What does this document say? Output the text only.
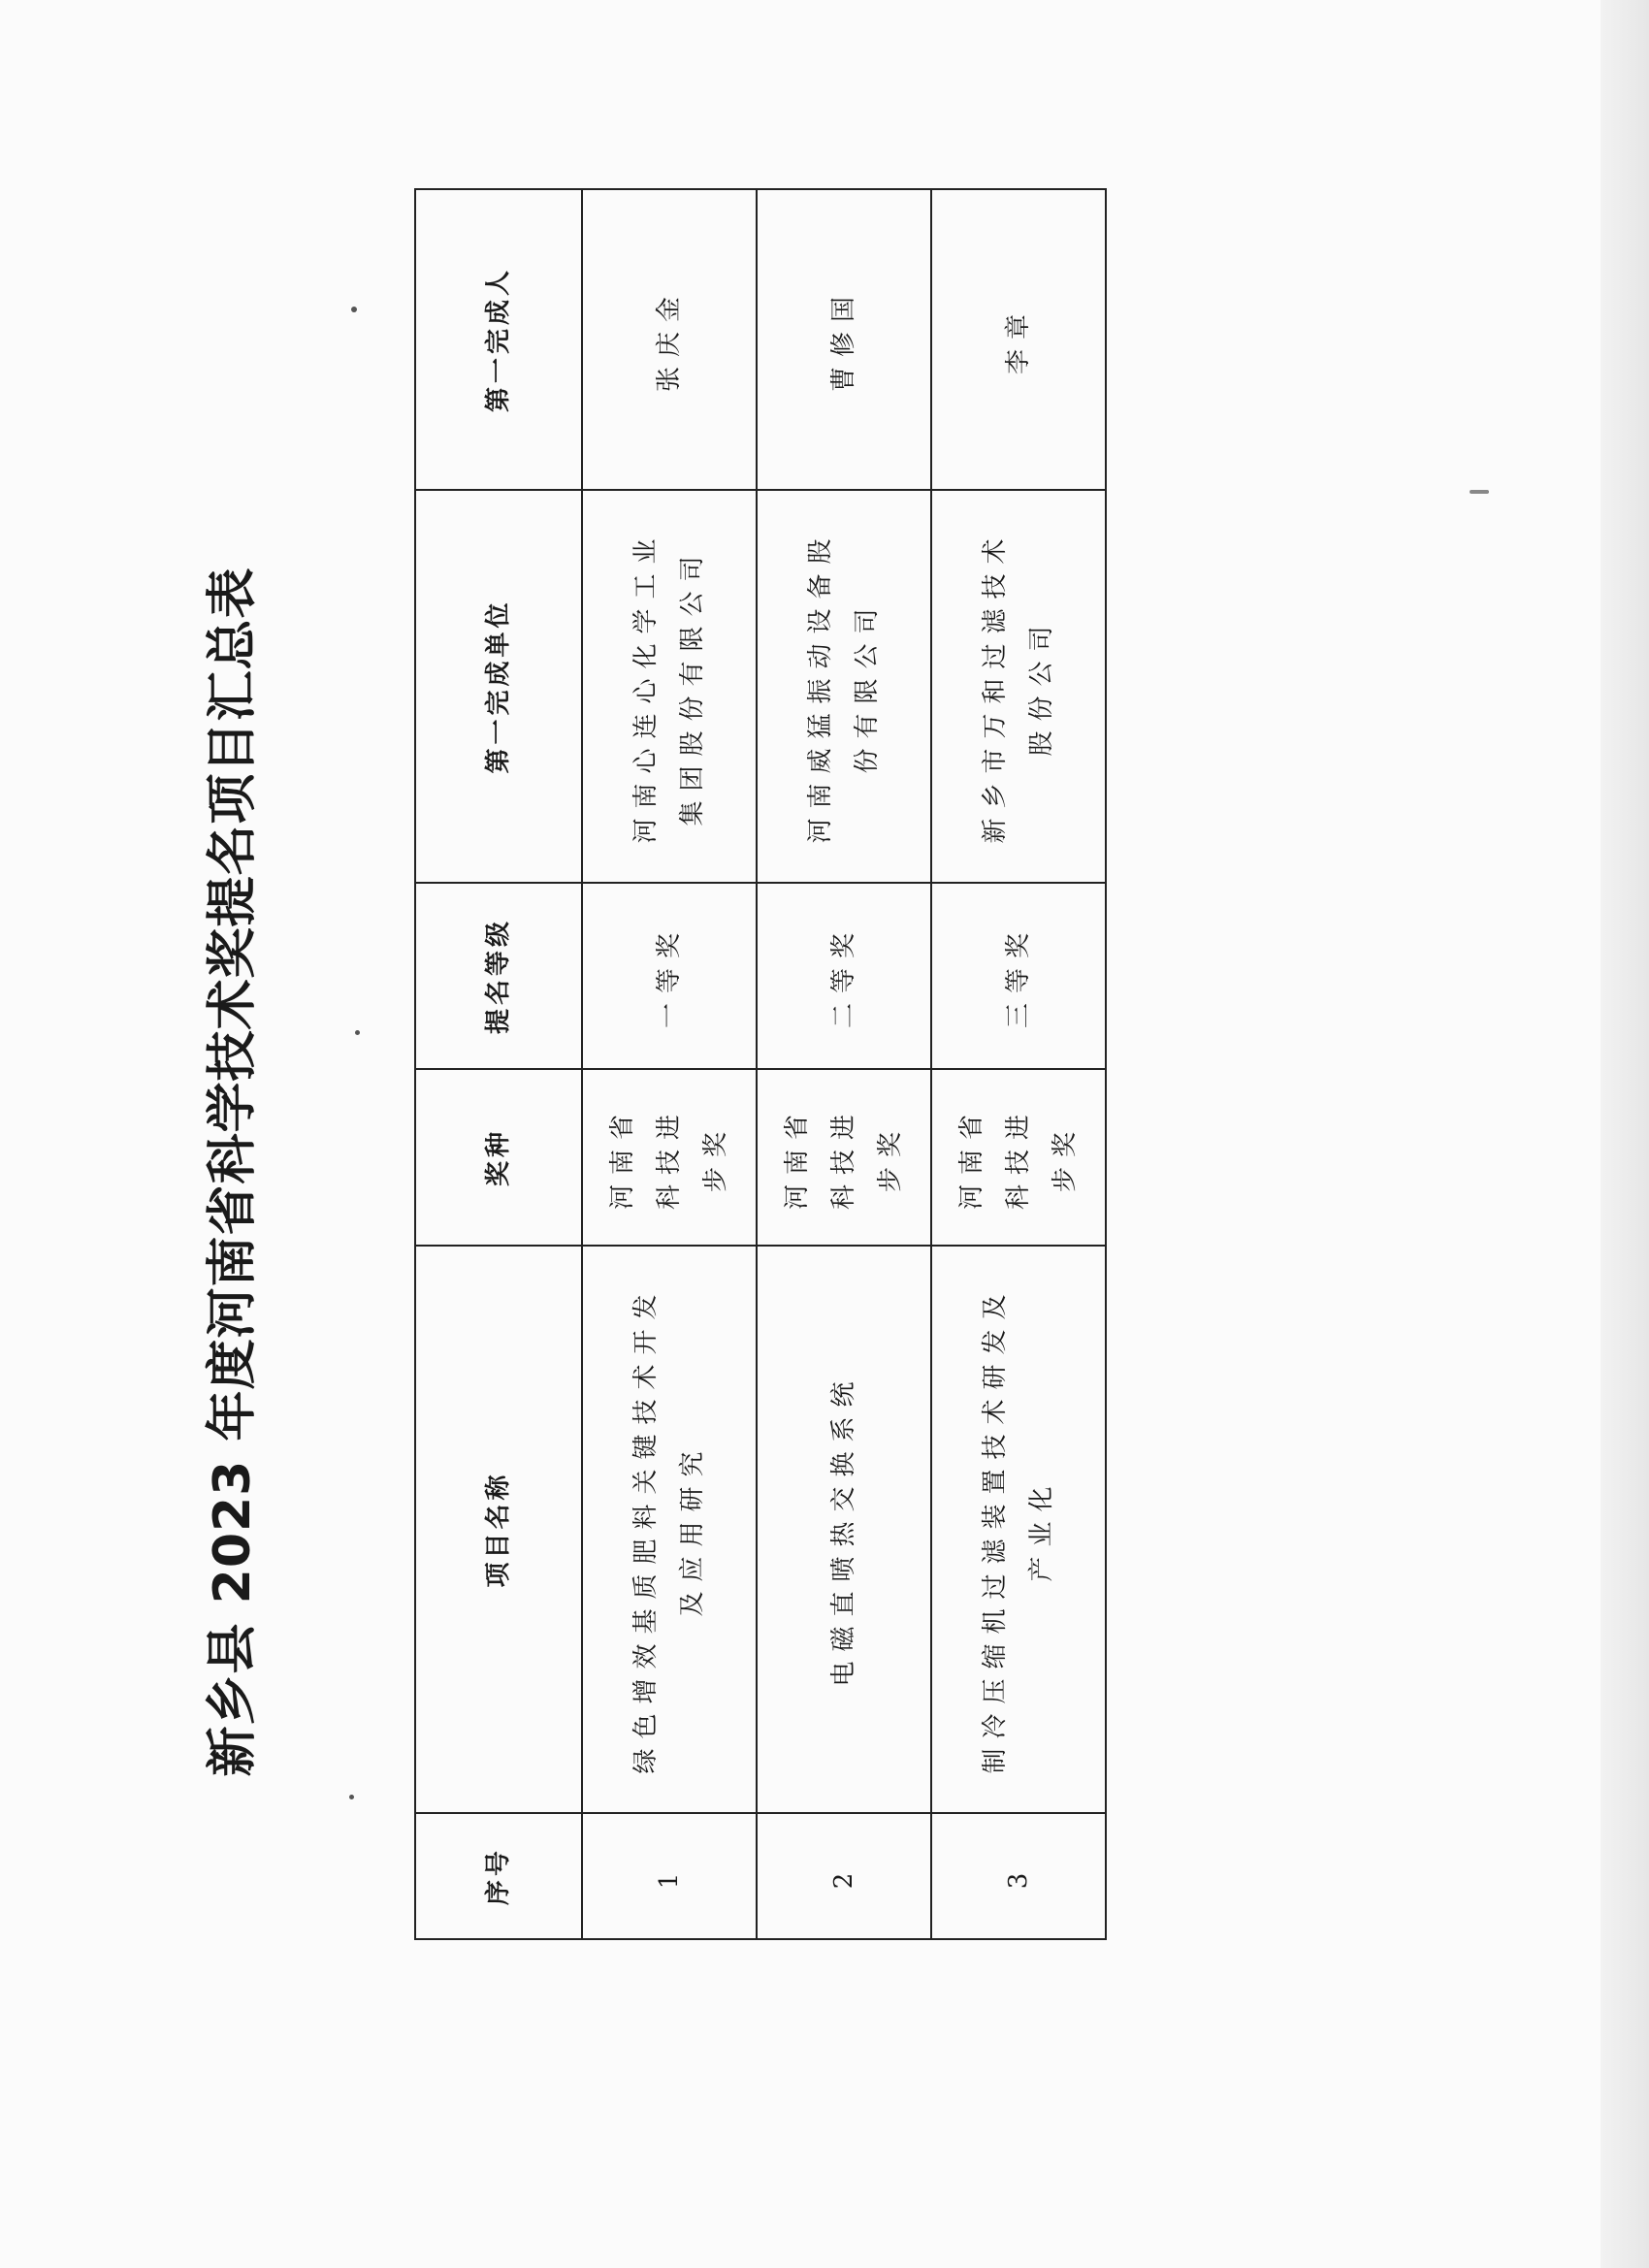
新乡县 2023 年度河南省科学技术奖提名项目汇总表
序号	项目名称	奖种	提名等级	第一完成单位	第一完成人
1	绿色增效基质肥料关键技术开发及应用研究	河南省科技进步奖	一等奖	河南心连心化学工业集团股份有限公司	张庆金
2	电磁直喷热交换系统	河南省科技进步奖	二等奖	河南威猛振动设备股份有限公司	曹修国
3	制冷压缩机过滤装置技术研发及产业化	河南省科技进步奖	三等奖	新乡市万和过滤技术股份公司	李章
